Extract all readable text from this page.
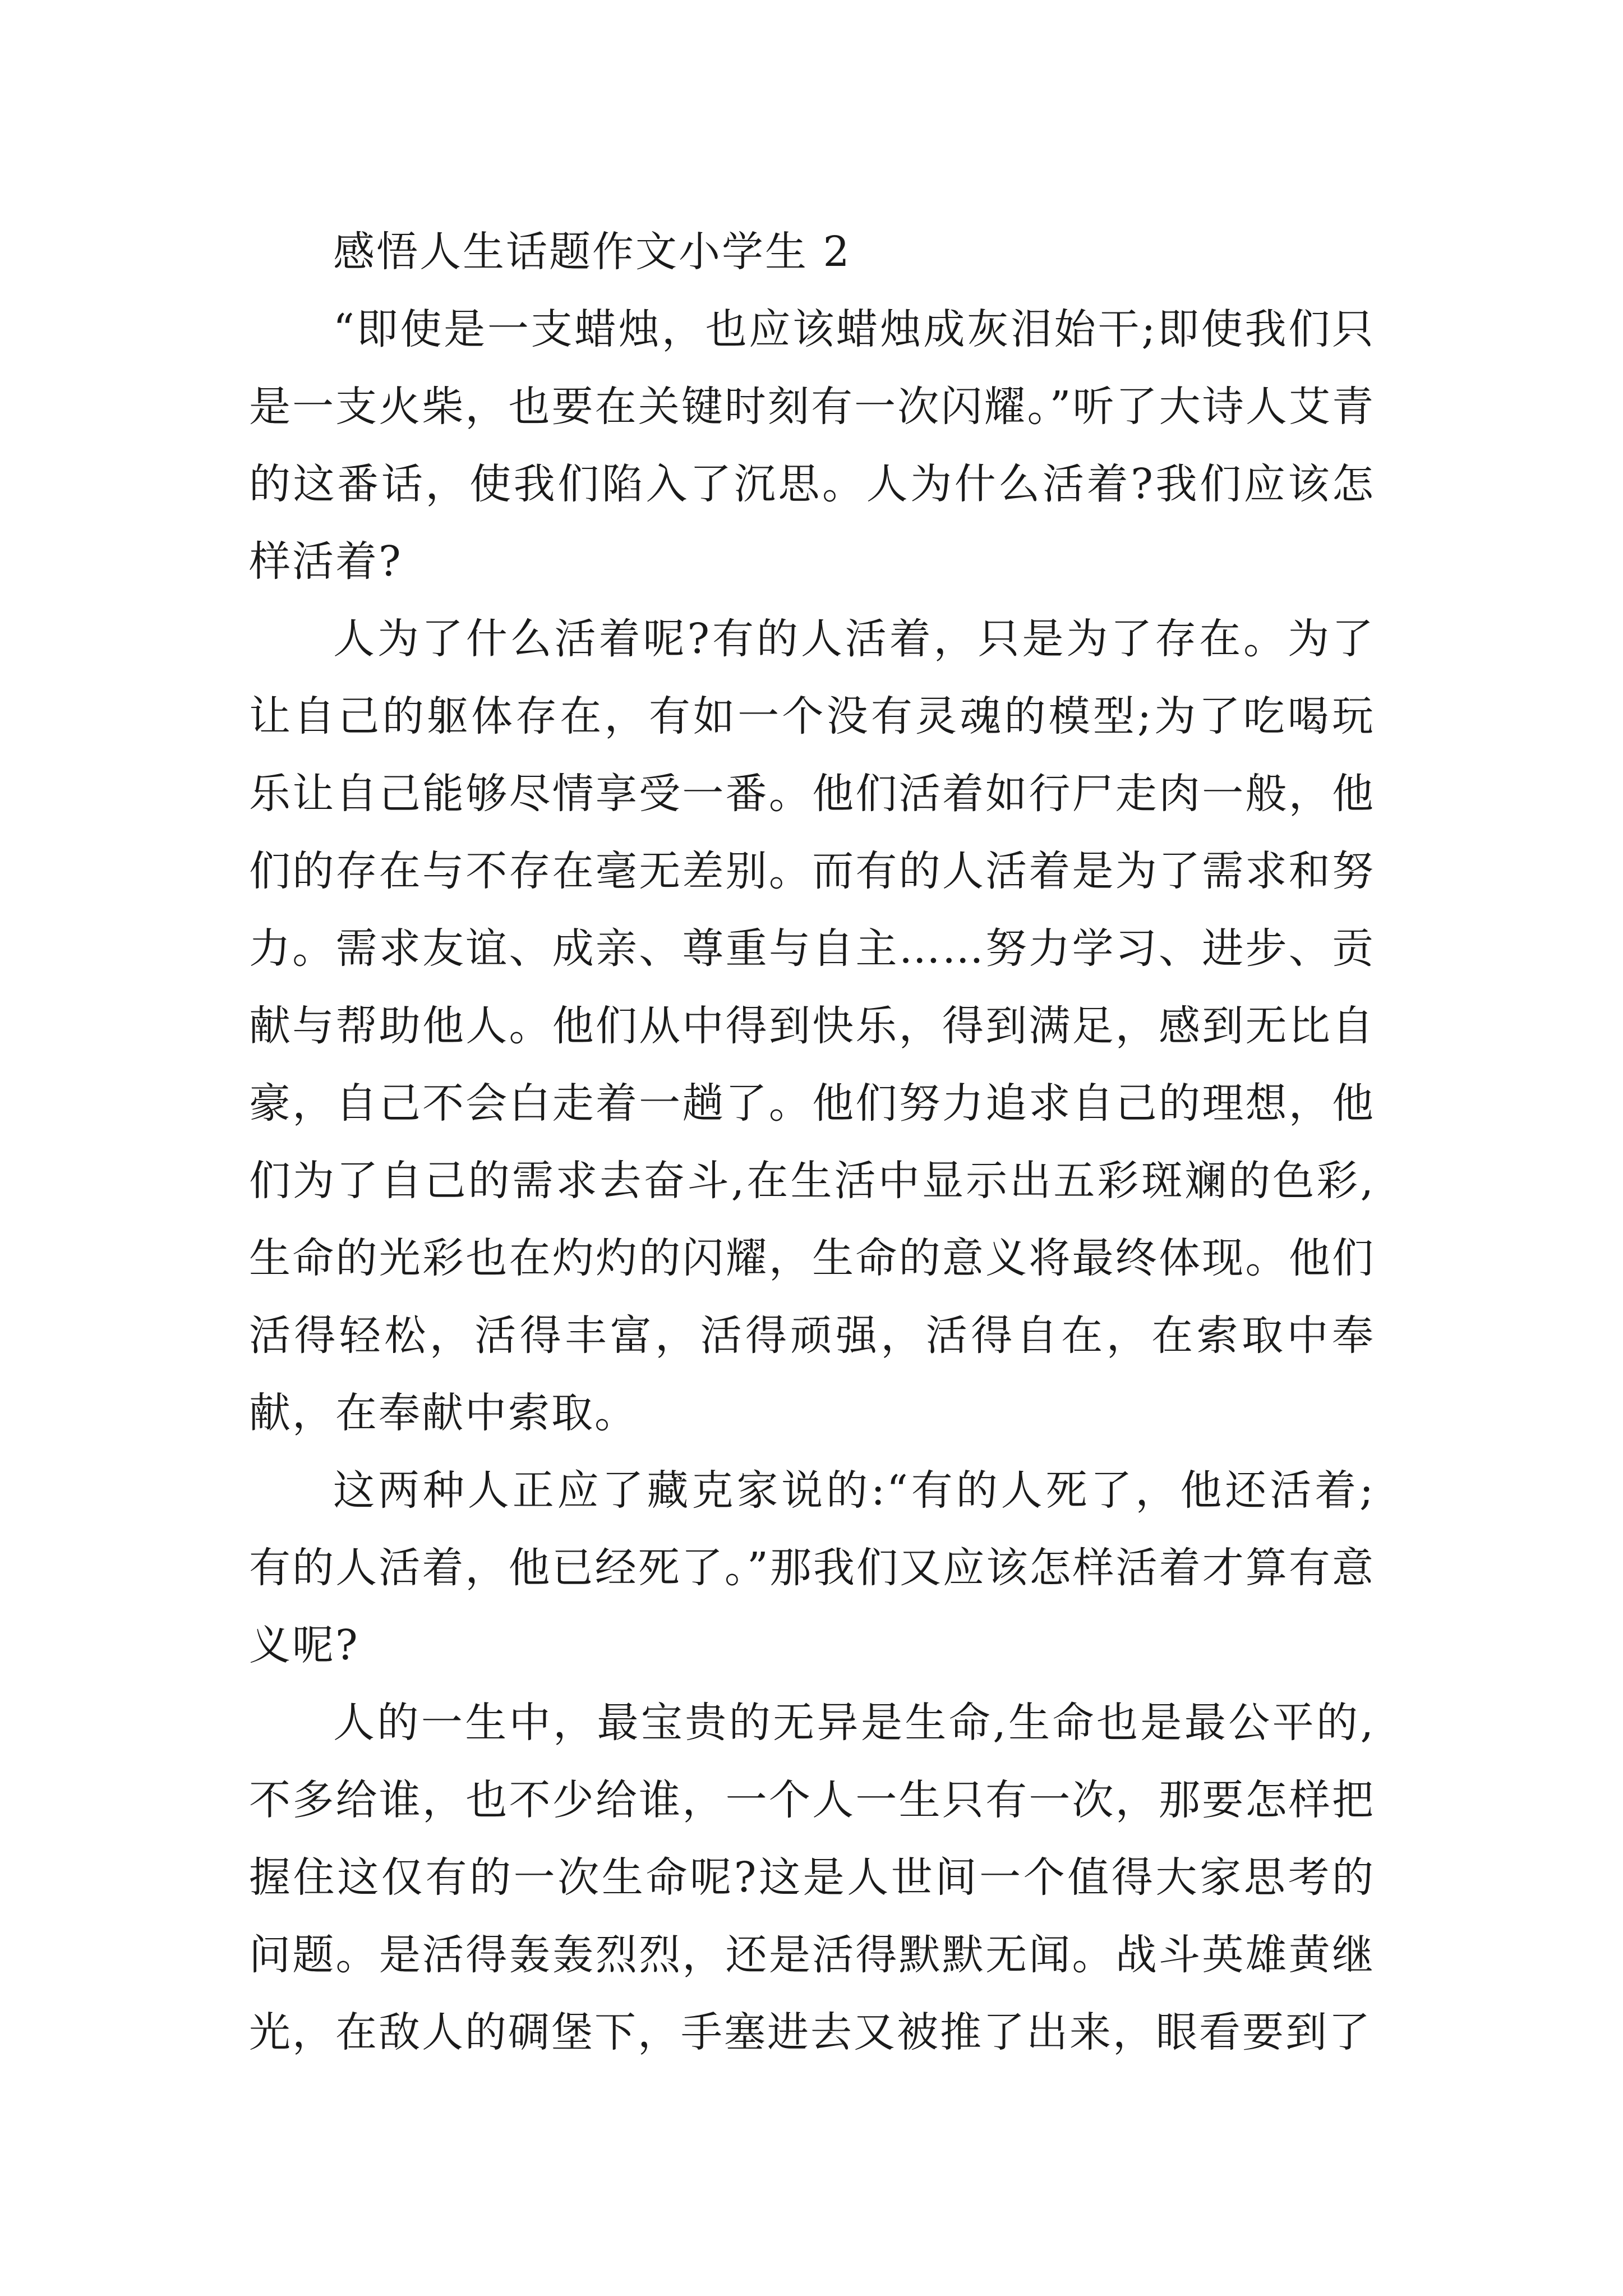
感悟人生话题作文小学生 2

“即使是一支蜡烛，也应该蜡烛成灰泪始干;即使我们只是一支火柴，也要在关键时刻有一次闪耀。”听了大诗人艾青的这番话，使我们陷入了沉思。人为什么活着?我们应该怎样活着?

人为了什么活着呢?有的人活着，只是为了存在。为了让自己的躯体存在，有如一个没有灵魂的模型;为了吃喝玩乐让自己能够尽情享受一番。他们活着如行尸走肉一般，他们的存在与不存在毫无差别。而有的人活着是为了需求和努力。需求友谊、成亲、尊重与自主……努力学习、进步、贡献与帮助他人。他们从中得到快乐，得到满足，感到无比自豪，自己不会白走着一趟了。他们努力追求自己的理想，他们为了自己的需求去奋斗,在生活中显示出五彩斑斓的色彩,生命的光彩也在灼灼的闪耀，生命的意义将最终体现。他们活得轻松，活得丰富，活得顽强，活得自在，在索取中奉献，在奉献中索取。

这两种人正应了藏克家说的:“有的人死了，他还活着;有的人活着，他已经死了。”那我们又应该怎样活着才算有意义呢?

人的一生中，最宝贵的无异是生命,生命也是最公平的,不多给谁，也不少给谁，一个人一生只有一次，那要怎样把握住这仅有的一次生命呢?这是人世间一个值得大家思考的问题。是活得轰轰烈烈，还是活得默默无闻。战斗英雄黄继光，在敌人的碉堡下，手塞进去又被推了出来，眼看要到了
